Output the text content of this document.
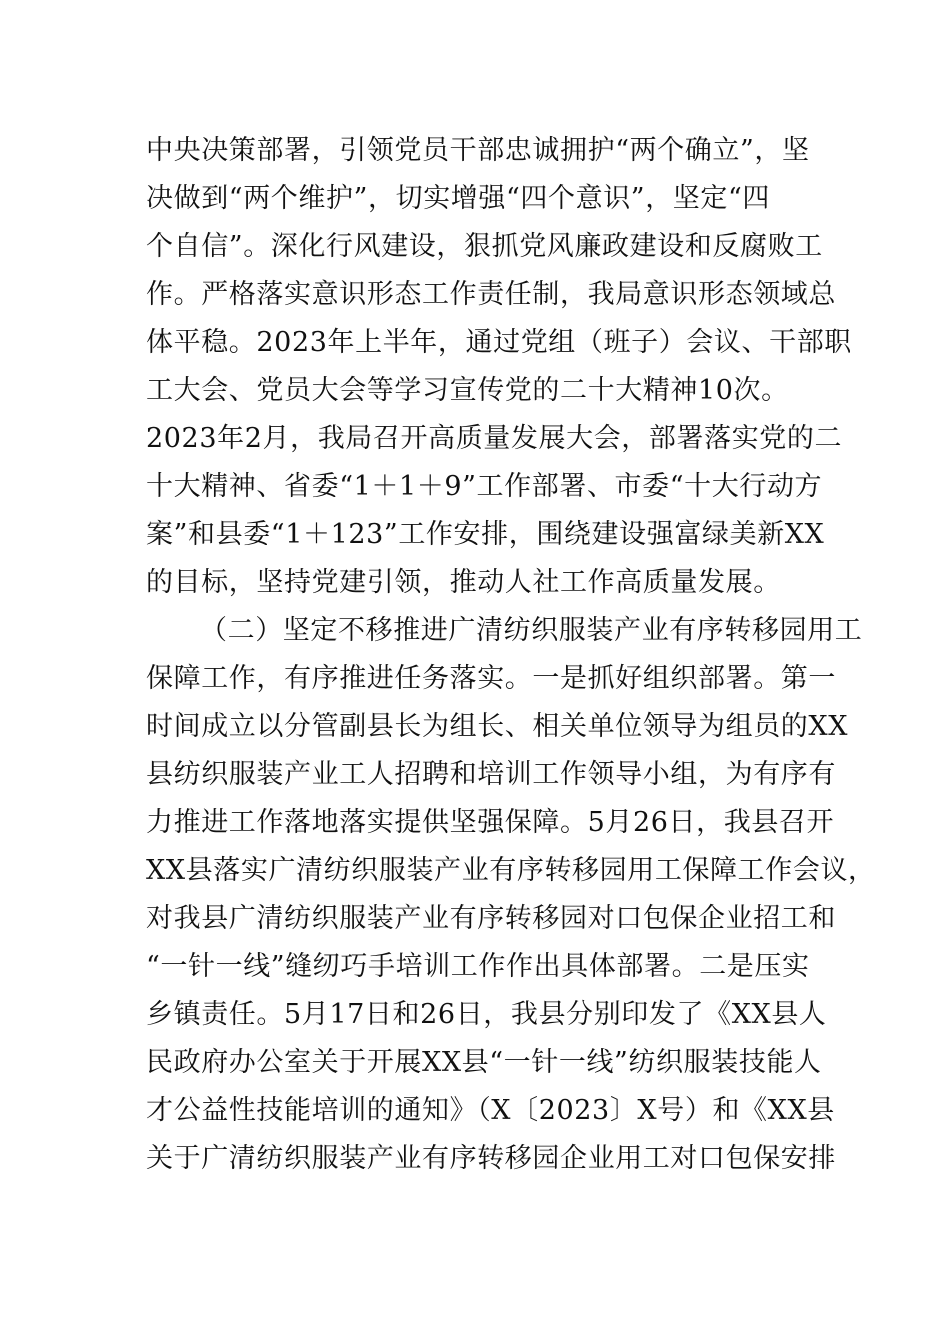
中央决策部署，引领党员干部忠诚拥护“两个确立”，坚
决做到“两个维护”，切实增强“四个意识”，坚定“四
个自信”。深化行风建设，狠抓党风廉政建设和反腐败工
作。严格落实意识形态工作责任制，我局意识形态领域总
体平稳。2023年上半年，通过党组（班子）会议、干部职
工大会、党员大会等学习宣传党的二十大精神10次。
2023年2月，我局召开高质量发展大会，部署落实党的二
十大精神、省委“1＋1＋9”工作部署、市委“十大行动方
案”和县委“1＋123”工作安排，围绕建设强富绿美新XX
的目标，坚持党建引领，推动人社工作高质量发展。
（二）坚定不移推进广清纺织服装产业有序转移园用工
保障工作，有序推进任务落实。一是抓好组织部署。第一
时间成立以分管副县长为组长、相关单位领导为组员的XX
县纺织服装产业工人招聘和培训工作领导小组，为有序有
力推进工作落地落实提供坚强保障。5月26日，我县召开
XX县落实广清纺织服装产业有序转移园用工保障工作会议，
对我县广清纺织服装产业有序转移园对口包保企业招工和
“一针一线”缝纫巧手培训工作作出具体部署。二是压实
乡镇责任。5月17日和26日，我县分别印发了《XX县人
民政府办公室关于开展XX县“一针一线”纺织服装技能人
才公益性技能培训的通知》（X〔2023〕X号）和《XX县
关于广清纺织服装产业有序转移园企业用工对口包保安排
